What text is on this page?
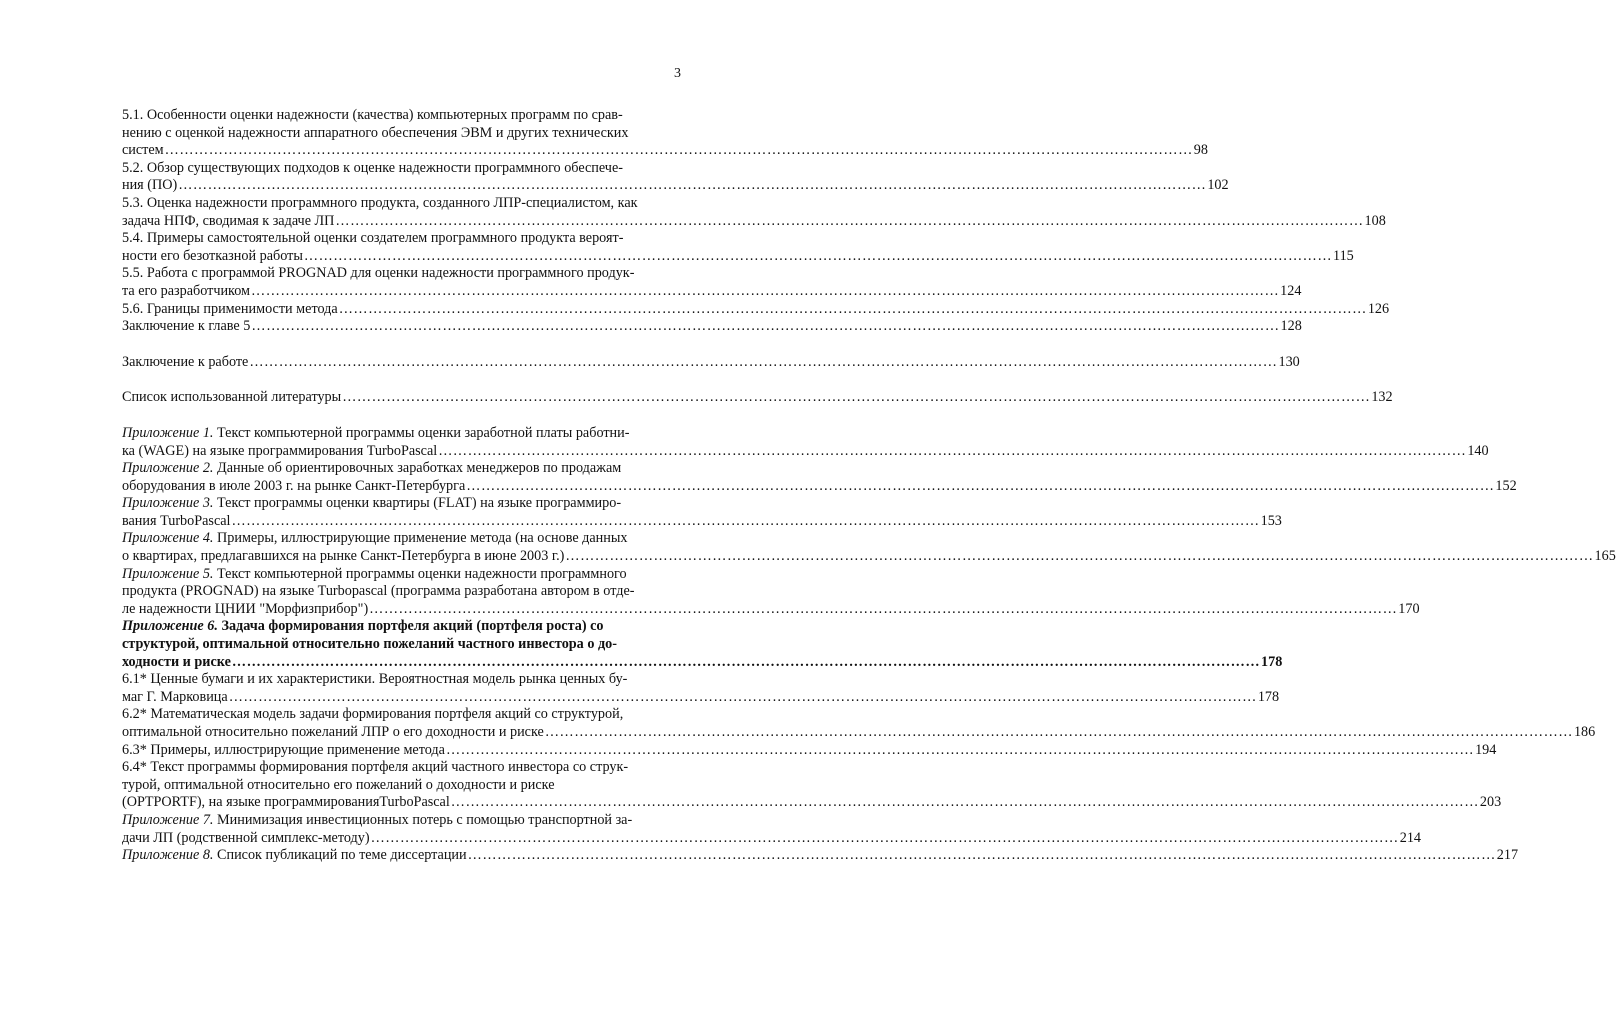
3
5.1. Особенности оценки надежности (качества) компьютерных программ по срав-
нению с оценкой надежности аппаратного обеспечения ЭВМ и других технических
систем ………………………………………………………………………………………………………………………………………………………………………………………… 98
5.2. Обзор существующих подходов к оценке надежности программного обеспече-
ния (ПО) ………………………………………………………………………………………………………………………………………………………………………………………… 102
5.3. Оценка надежности программного продукта, созданного ЛПР-специалистом, как
задача НПФ, сводимая к задаче ЛП ………………………………………………………………………………………………………………………………………………………………………………………… 108
5.4. Примеры самостоятельной оценки создателем программного продукта вероят-
ности его безотказной работы ………………………………………………………………………………………………………………………………………………………………………………………… 115
5.5. Работа с программой PROGNAD для оценки надежности программного продук-
та его разработчиком ………………………………………………………………………………………………………………………………………………………………………………………… 124
5.6. Границы применимости метода ………………………………………………………………………………………………………………………………………………………………………………………… 126
Заключение к главе 5 ………………………………………………………………………………………………………………………………………………………………………………………… 128
Заключение к работе ………………………………………………………………………………………………………………………………………………………………………………………… 130
Список использованной литературы ………………………………………………………………………………………………………………………………………………………………………………………… 132
Приложение 1. Текст компьютерной программы оценки заработной платы работни-
ка (WAGE) на языке программирования TurboPascal ………………………………………………………………………………………………………………………………………………………………………………………… 140
Приложение 2. Данные об ориентировочных заработках менеджеров по продажам
оборудования в июле 2003 г. на рынке Санкт-Петербурга ………………………………………………………………………………………………………………………………………………………………………………………… 152
Приложение 3. Текст программы оценки квартиры (FLAT) на языке программиро-
вания TurboPascal ………………………………………………………………………………………………………………………………………………………………………………………… 153
Приложение 4. Примеры, иллюстрирующие применение метода (на основе данных
о квартирах, предлагавшихся на рынке Санкт-Петербурга в июне 2003 г.) ………………………………………………………………………………………………………………………………………………………………………………………… 165
Приложение 5. Текст компьютерной программы оценки надежности программного
продукта (PROGNAD) на языке Turbopascal (программа разработана автором в отде-
ле надежности ЦНИИ "Морфизприбор") ………………………………………………………………………………………………………………………………………………………………………………………… 170
Приложение 6. Задача формирования портфеля акций (портфеля роста) со
структурой, оптимальной относительно пожеланий частного инвестора о до-
ходности и риске ………………………………………………………………………………………………………………………………………………………………………………………… 178
6.1* Ценные бумаги и их характеристики. Вероятностная модель рынка ценных бу-
маг Г. Марковица ………………………………………………………………………………………………………………………………………………………………………………………… 178
6.2* Математическая модель задачи формирования портфеля акций со структурой,
оптимальной относительно пожеланий ЛПР о его доходности и риске ………………………………………………………………………………………………………………………………………………………………………………………… 186
6.3* Примеры, иллюстрирующие применение метода ………………………………………………………………………………………………………………………………………………………………………………………… 194
6.4* Текст программы формирования портфеля акций частного инвестора со струк-
турой, оптимальной относительно его пожеланий о доходности и риске
(OPTPORTF), на языке программированияTurboPascal ………………………………………………………………………………………………………………………………………………………………………………………… 203
Приложение 7. Минимизация инвестиционных потерь с помощью транспортной за-
дачи ЛП (родственной симплекс-методу) ………………………………………………………………………………………………………………………………………………………………………………………… 214
Приложение 8. Список публикаций по теме диссертации ………………………………………………………………………………………………………………………………………………………………………………………… 217
